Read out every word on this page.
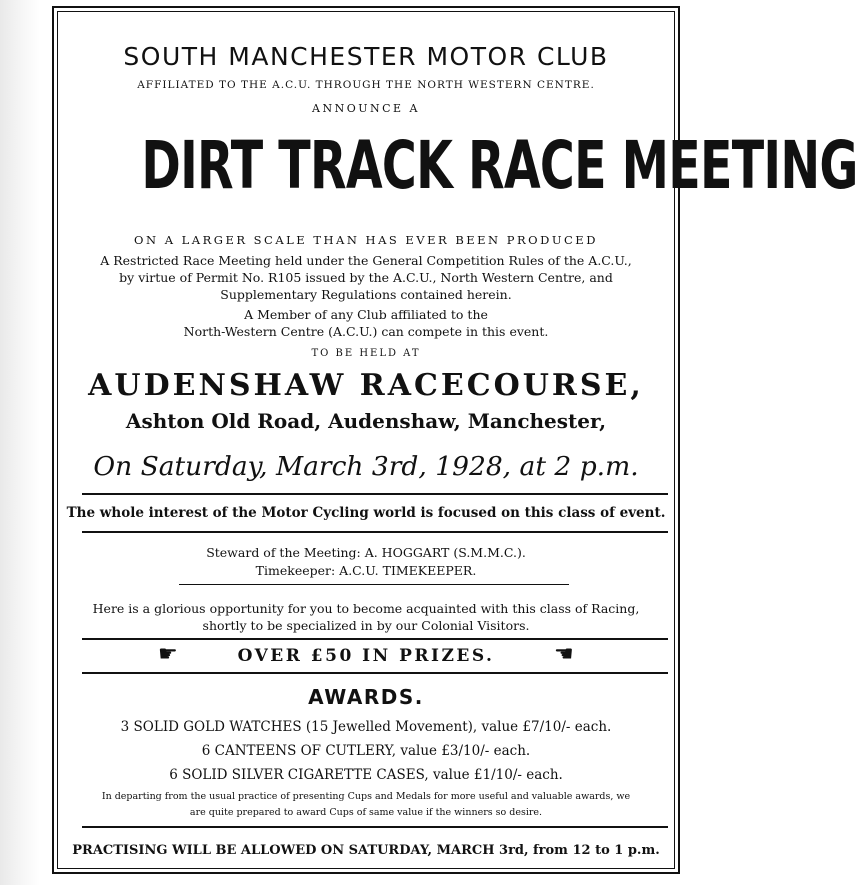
SOUTH MANCHESTER MOTOR CLUB
AFFILIATED TO THE A.C.U. THROUGH THE NORTH WESTERN CENTRE.
ANNOUNCE A
DIRT TRACK RACE MEETING
ON A LARGER SCALE THAN HAS EVER BEEN PRODUCED
A Restricted Race Meeting held under the General Competition Rules of the A.C.U.,
by virtue of Permit No. R105 issued by the A.C.U., North Western Centre, and
Supplementary Regulations contained herein.
A Member of any Club affiliated to the
North-Western Centre (A.C.U.) can compete in this event.
TO BE HELD AT
AUDENSHAW RACECOURSE,
Ashton Old Road, Audenshaw, Manchester,
On Saturday, March 3rd, 1928, at 2 p.m.
The whole interest of the Motor Cycling world is focused on this class of event.
Steward of the Meeting: A. HOGGART (S.M.M.C.).
Timekeeper: A.C.U. TIMEKEEPER.
Here is a glorious opportunity for you to become acquainted with this class of Racing,
shortly to be specialized in by our Colonial Visitors.
☛	OVER £50 IN PRIZES.	☚
AWARDS.
3 SOLID GOLD WATCHES (15 Jewelled Movement), value £7/10/- each.
6 CANTEENS OF CUTLERY, value £3/10/- each.
6 SOLID SILVER CIGARETTE CASES, value £1/10/- each.
In departing from the usual practice of presenting Cups and Medals for more useful and valuable awards, we
are quite prepared to award Cups of same value if the winners so desire.
PRACTISING WILL BE ALLOWED ON SATURDAY, MARCH 3rd, from 12 to 1 p.m.
